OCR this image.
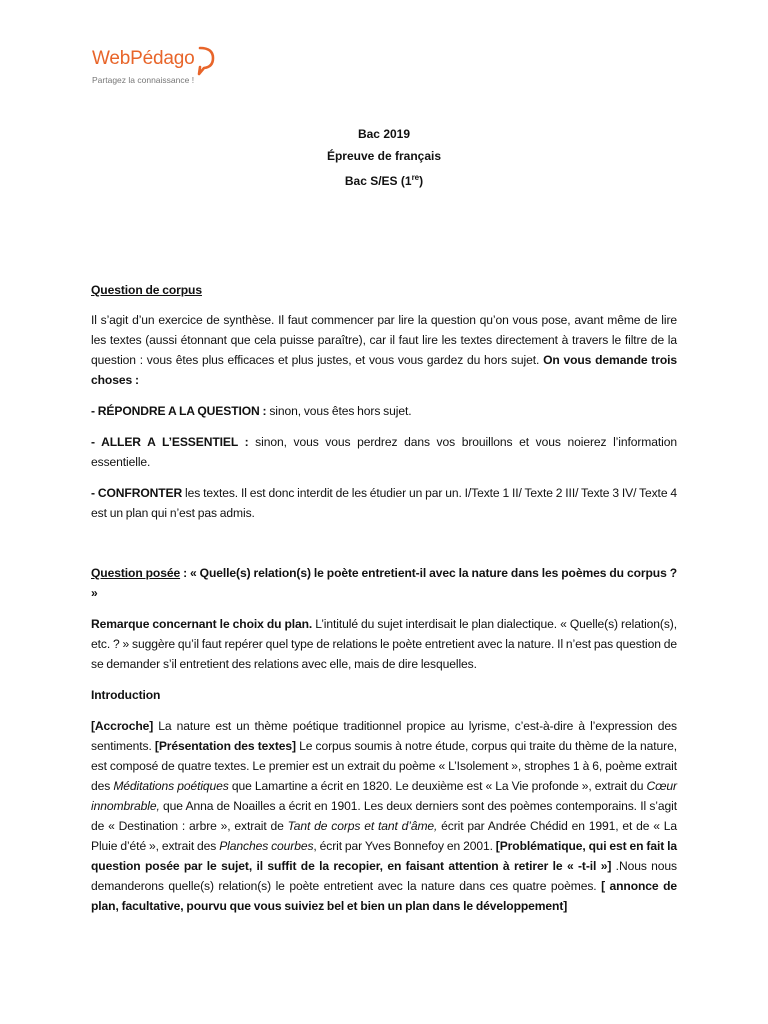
WebPédago
Partagez la connaissance !
Bac 2019
Épreuve de français
Bac S/ES (1re)

Question de corpus

Il s’agit d’un exercice de synthèse. Il faut commencer par lire la question qu’on vous pose, avant même de lire les textes (aussi étonnant que cela puisse paraître), car il faut lire les textes directement à travers le filtre de la question : vous êtes plus efficaces et plus justes, et vous vous gardez du hors sujet. On vous demande trois choses :

- RÉPONDRE A LA QUESTION : sinon, vous êtes hors sujet.

- ALLER A L’ESSENTIEL : sinon, vous vous perdrez dans vos brouillons et vous noierez l’information essentielle.

- CONFRONTER les textes. Il est donc interdit de les étudier un par un. I/Texte 1 II/ Texte 2 III/ Texte 3 IV/ Texte 4 est un plan qui n’est pas admis.

Question posée : « Quelle(s) relation(s) le poète entretient-il avec la nature dans les poèmes du corpus ? »

Remarque concernant le choix du plan. L’intitulé du sujet interdisait le plan dialectique. « Quelle(s) relation(s), etc. ? » suggère qu’il faut repérer quel type de relations le poète entretient avec la nature. Il n’est pas question de se demander s’il entretient des relations avec elle, mais de dire lesquelles.

Introduction

[Accroche] La nature est un thème poétique traditionnel propice au lyrisme, c’est-à-dire à l’expression des sentiments. [Présentation des textes] Le corpus soumis à notre étude, corpus qui traite du thème de la nature, est composé de quatre textes. Le premier est un extrait du poème « L’Isolement », strophes 1 à 6, poème extrait des Méditations poétiques que Lamartine a écrit en 1820. Le deuxième est « La Vie profonde », extrait du Cœur innombrable, que Anna de Noailles a écrit en 1901. Les deux derniers sont des poèmes contemporains. Il s’agit de « Destination : arbre », extrait de Tant de corps et tant d’âme, écrit par Andrée Chédid en 1991, et de « La Pluie d’été », extrait des Planches courbes, écrit par Yves Bonnefoy en 2001. [Problématique, qui est en fait la question posée par le sujet, il suffit de la recopier, en faisant attention à retirer le « -t-il »] .Nous nous demanderons quelle(s) relation(s) le poète entretient avec la nature dans ces quatre poèmes. [ annonce de plan, facultative, pourvu que vous suiviez bel et bien un plan dans le développement]
